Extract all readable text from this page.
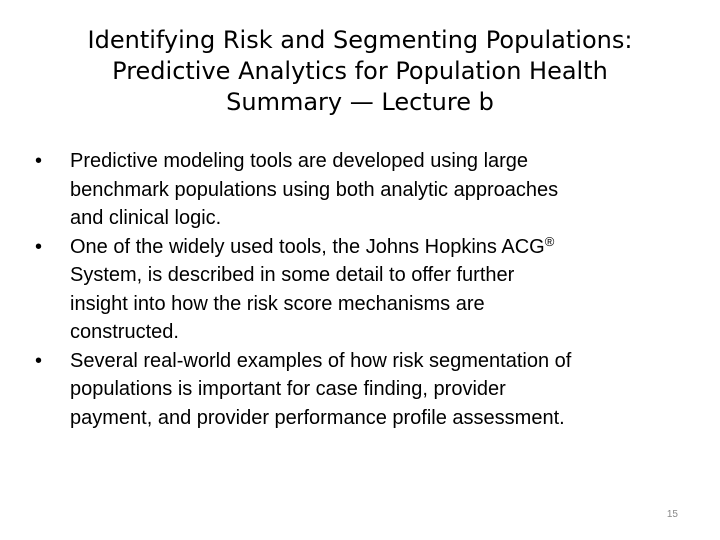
Identifying Risk and Segmenting Populations:
Predictive Analytics for Population Health
Summary — Lecture b
• Predictive modeling tools are developed using large
benchmark populations using both analytic approaches
and clinical logic.
• One of the widely used tools, the Johns Hopkins ACG®
System, is described in some detail to offer further
insight into how the risk score mechanisms are
constructed.
• Several real-world examples of how risk segmentation of
populations is important for case finding, provider
payment, and provider performance profile assessment.
15
